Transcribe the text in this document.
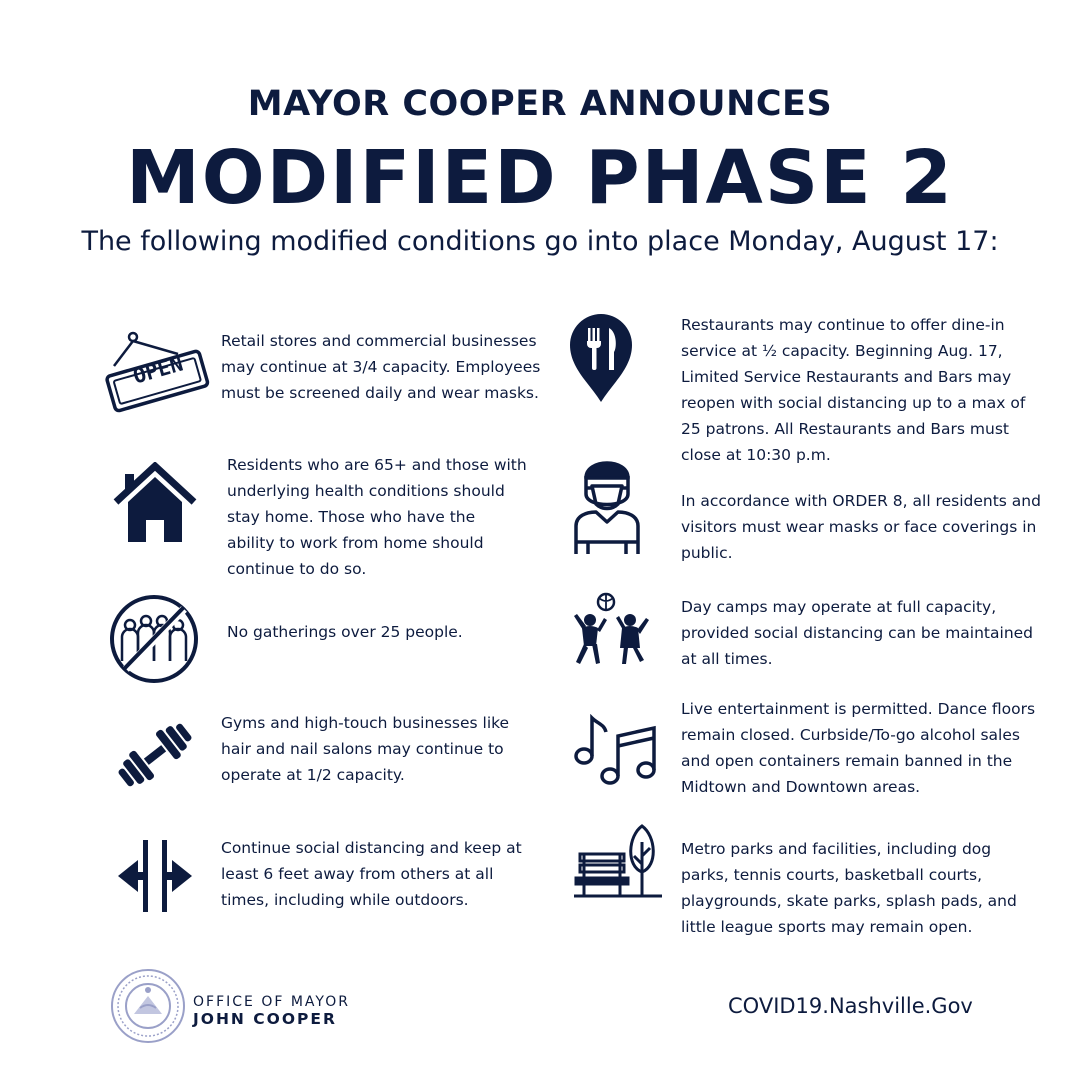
MAYOR COOPER ANNOUNCES
MODIFIED PHASE 2
The following modified conditions go into place Monday, August 17:
OPEN
Retail stores and commercial businesses may continue at 3/4 capacity. Employees must be screened daily and wear masks.
Residents who are 65+ and those with underlying health conditions should stay home. Those who have the ability to work from home should continue to do so.
No gatherings over 25 people.
Gyms and high-touch businesses like hair and nail salons may continue to operate at 1/2 capacity.
Continue social distancing and keep at least 6 feet away from others at all times, including while outdoors.
Restaurants may continue to offer dine-in service at ½ capacity. Beginning Aug. 17, Limited Service Restaurants and Bars may reopen with social distancing up to a max of 25 patrons. All Restaurants and Bars must close at 10:30 p.m.
In accordance with ORDER 8, all residents and visitors must wear masks or face coverings in public.
Day camps may operate at full capacity, provided social distancing can be maintained at all times.
Live entertainment is permitted. Dance floors remain closed. Curbside/To-go alcohol sales and open containers remain banned in the Midtown and Downtown areas.
Metro parks and facilities, including dog parks, tennis courts, basketball courts, playgrounds, skate parks, splash pads, and little league sports may remain open.
OFFICE OF MAYOR
JOHN COOPER
COVID19.Nashville.Gov
